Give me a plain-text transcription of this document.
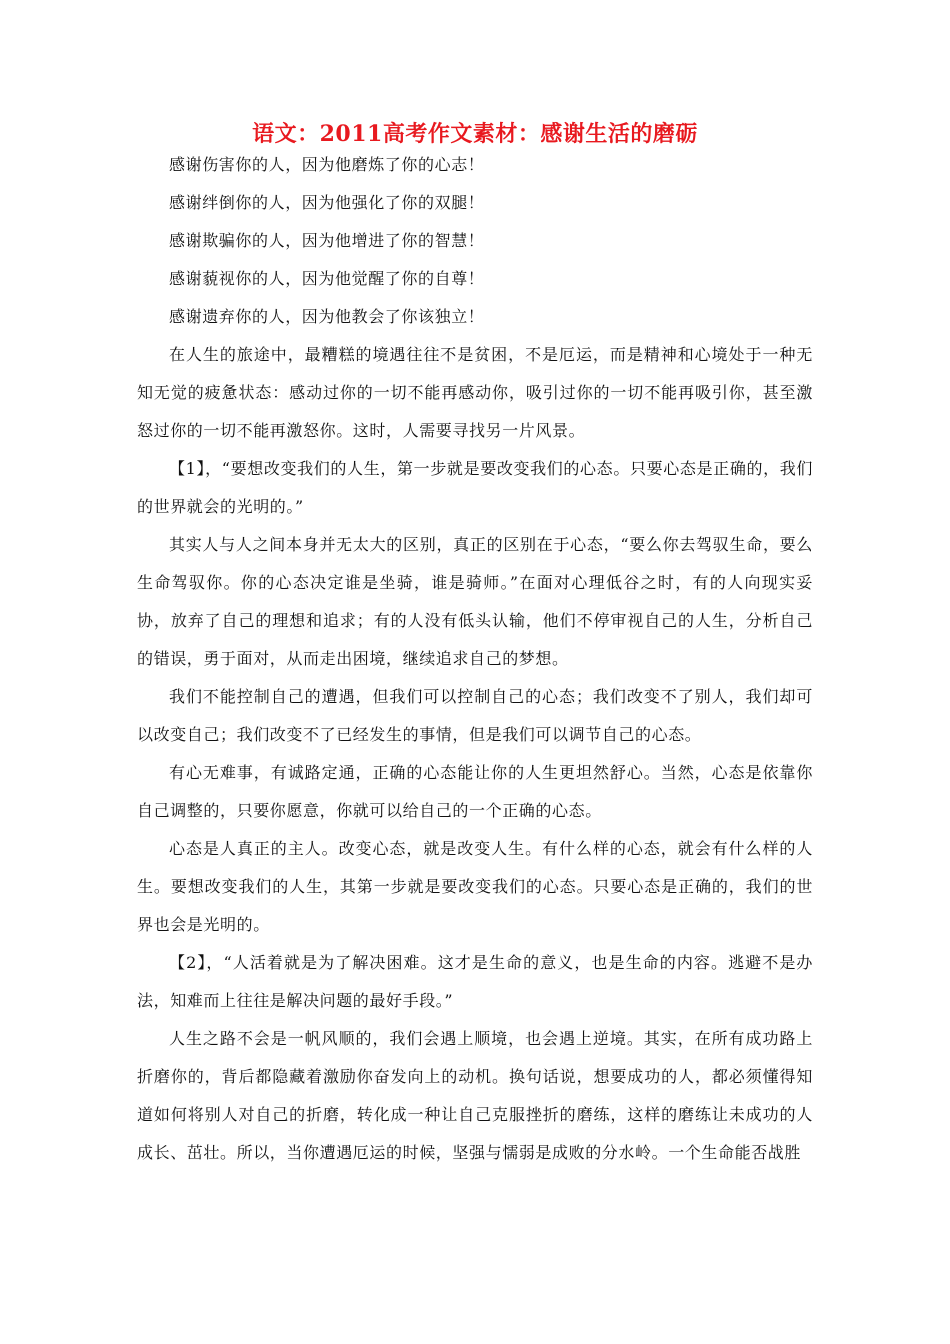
语文：2011高考作文素材：感谢生活的磨砺

感谢伤害你的人，因为他磨炼了你的心志！

感谢绊倒你的人，因为他强化了你的双腿！

感谢欺骗你的人，因为他增进了你的智慧！

感谢藐视你的人，因为他觉醒了你的自尊！

感谢遗弃你的人，因为他教会了你该独立！

在人生的旅途中，最糟糕的境遇往往不是贫困，不是厄运，而是精神和心境处于一种无知无觉的疲惫状态：感动过你的一切不能再感动你，吸引过你的一切不能再吸引你，甚至激怒过你的一切不能再激怒你。这时，人需要寻找另一片风景。

【1】，“要想改变我们的人生，第一步就是要改变我们的心态。只要心态是正确的，我们的世界就会的光明的。”

其实人与人之间本身并无太大的区别，真正的区别在于心态，“要么你去驾驭生命，要么生命驾驭你。你的心态决定谁是坐骑，谁是骑师。”在面对心理低谷之时，有的人向现实妥协，放弃了自己的理想和追求；有的人没有低头认输，他们不停审视自己的人生，分析自己的错误，勇于面对，从而走出困境，继续追求自己的梦想。

我们不能控制自己的遭遇，但我们可以控制自己的心态；我们改变不了别人，我们却可以改变自己；我们改变不了已经发生的事情，但是我们可以调节自己的心态。

有心无难事，有诚路定通，正确的心态能让你的人生更坦然舒心。当然，心态是依靠你自己调整的，只要你愿意，你就可以给自己的一个正确的心态。

心态是人真正的主人。改变心态，就是改变人生。有什么样的心态，就会有什么样的人生。要想改变我们的人生，其第一步就是要改变我们的心态。只要心态是正确的，我们的世界也会是光明的。

【2】，“人活着就是为了解决困难。这才是生命的意义，也是生命的内容。逃避不是办法，知难而上往往是解决问题的最好手段。”

人生之路不会是一帆风顺的，我们会遇上顺境，也会遇上逆境。其实，在所有成功路上折磨你的，背后都隐藏着激励你奋发向上的动机。换句话说，想要成功的人，都必须懂得知道如何将别人对自己的折磨，转化成一种让自己克服挫折的磨练，这样的磨练让未成功的人成长、茁壮。所以，当你遭遇厄运的时候，坚强与懦弱是成败的分水岭。一个生命能否战胜
